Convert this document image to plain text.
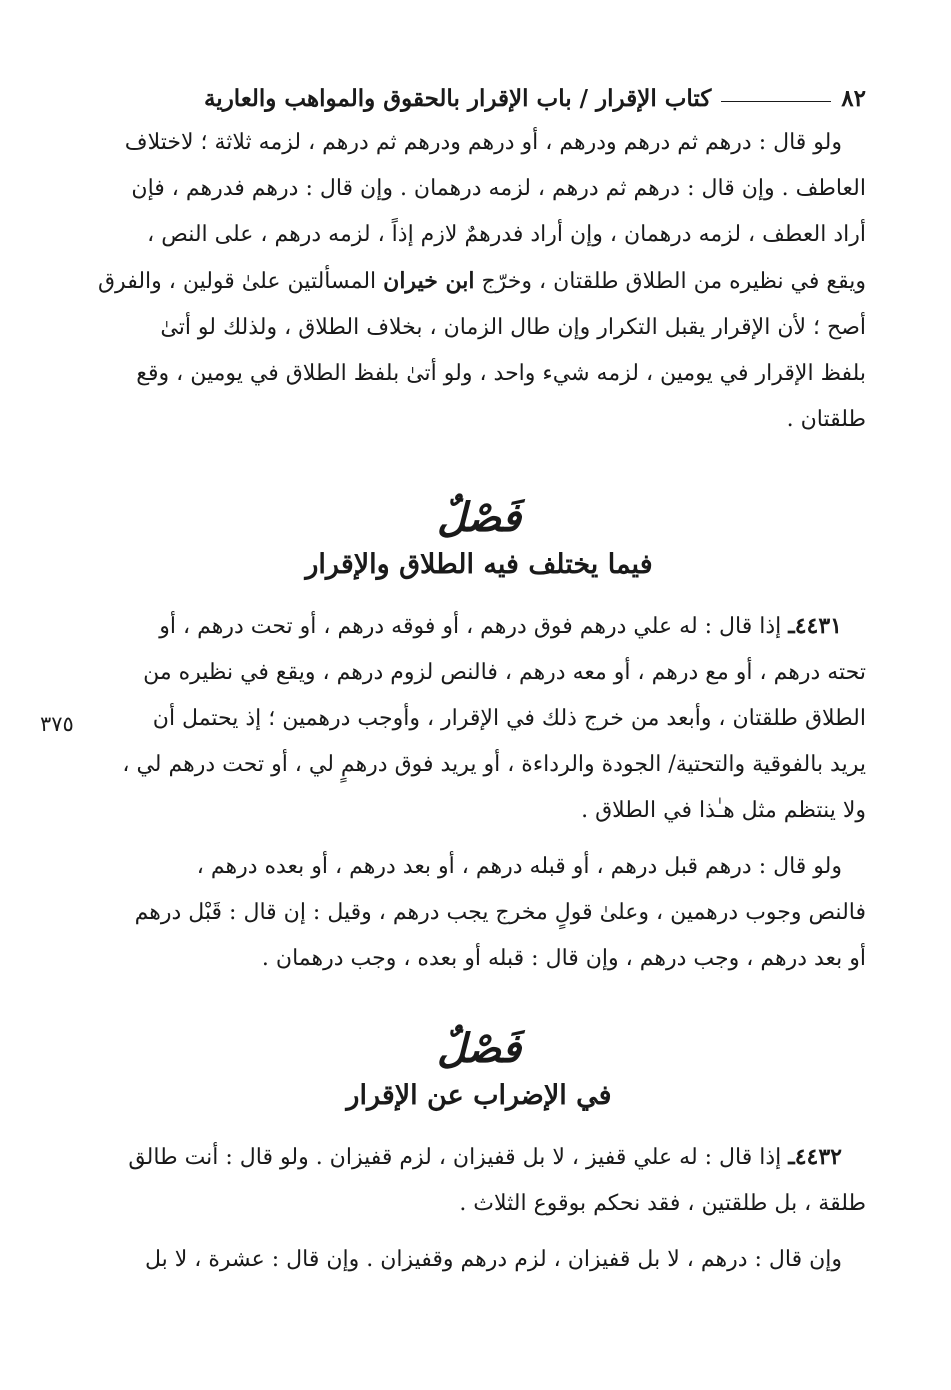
٨٢
كتاب الإقرار / باب الإقرار بالحقوق والمواهب والعارية

ولو قال : درهم ثم درهم ودرهم ، أو درهم ودرهم ثم درهم ، لزمه ثلاثة ؛ لاختلاف

العاطف . وإن قال : درهم ثم درهم ، لزمه درهمان . وإن قال : درهم فدرهم ، فإن

أراد العطف ، لزمه درهمان ، وإن أراد فدرهمٌ لازم إذاً ، لزمه درهم ، على النص ،

ويقع في نظيره من الطلاق طلقتان ، وخرّج ابن خيران المسألتين علىٰ قولين ، والفرق

أصح ؛ لأن الإقرار يقبل التكرار وإن طال الزمان ، بخلاف الطلاق ، ولذلك لو أتىٰ

بلفظ الإقرار في يومين ، لزمه شيء واحد ، ولو أتىٰ بلفظ الطلاق في يومين ، وقع

طلقتان .

فَصْلٌ
فيما يختلف فيه الطلاق والإقرار

٤٤٣١ـ إذا قال : له علي درهم فوق درهم ، أو فوقه درهم ، أو تحت درهم ، أو

تحته درهم ، أو مع درهم ، أو معه درهم ، فالنص لزوم درهم ، ويقع في نظيره من

الطلاق طلقتان ، وأبعد من خرج ذلك في الإقرار ، وأوجب درهمين ؛ إذ يحتمل أن

يريد بالفوقية والتحتية/ الجودة والرداءة ، أو يريد فوق درهمٍ لي ، أو تحت درهم لي ،

ولا ينتظم مثل هـٰذا في الطلاق .

ولو قال : درهم قبل درهم ، أو قبله درهم ، أو بعد درهم ، أو بعده درهم ،

فالنص وجوب درهمين ، وعلىٰ قولٍ مخرج يجب درهم ، وقيل : إن قال : قَبْل درهم

أو بعد درهم ، وجب درهم ، وإن قال : قبله أو بعده ، وجب درهمان .

فَصْلٌ
في الإضراب عن الإقرار

٤٤٣٢ـ إذا قال : له علي قفيز ، لا بل قفيزان ، لزم قفيزان . ولو قال : أنت طالق

طلقة ، بل طلقتين ، فقد نحكم بوقوع الثلاث .

وإن قال : درهم ، لا بل قفيزان ، لزم درهم وقفيزان . وإن قال : عشرة ، لا بل

٣٧٥
